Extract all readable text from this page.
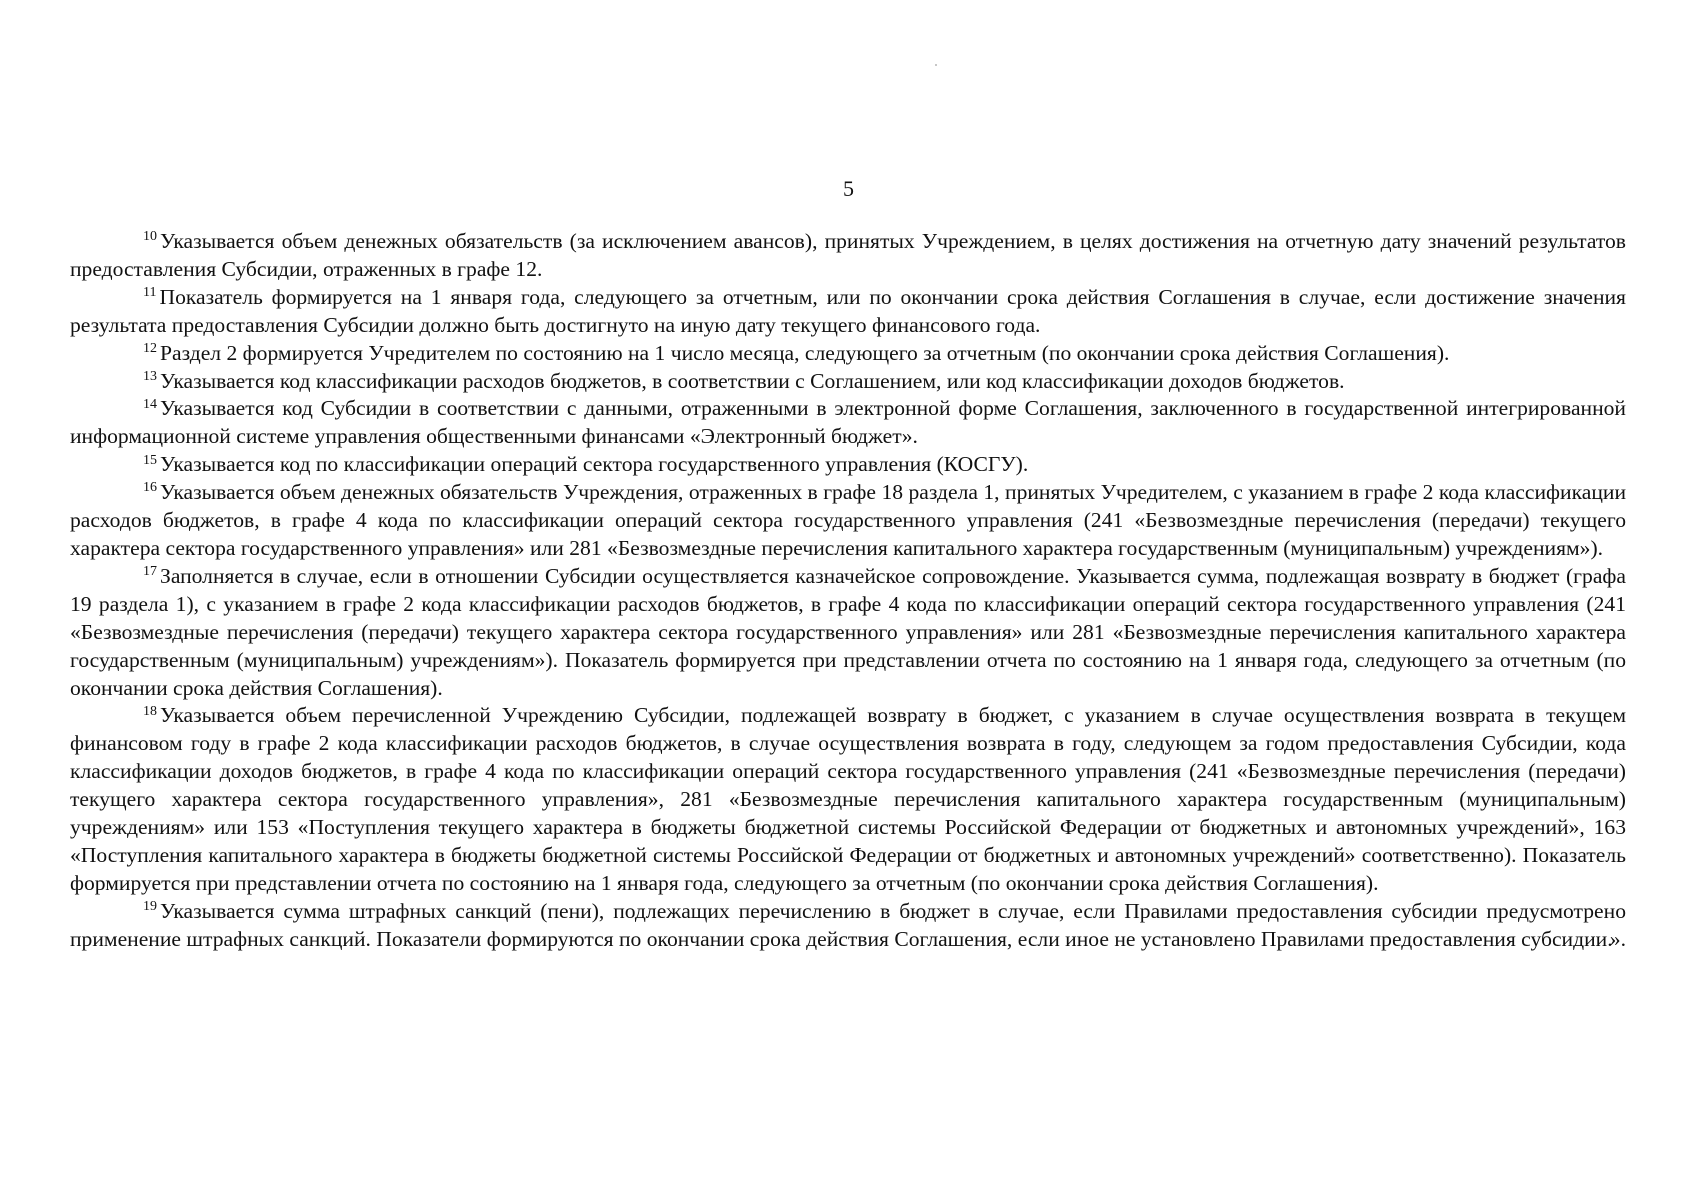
5

$^{10}$ Указывается объем денежных обязательств (за исключением авансов), принятых Учреждением, в целях достижения на отчетную дату значений результатов предоставления Субсидии, отраженных в графе 12.

$^{11}$ Показатель формируется на 1 января года, следующего за отчетным, или по окончании срока действия Соглашения в случае, если достижение значения результата предоставления Субсидии должно быть достигнуто на иную дату текущего финансового года.

$^{12}$ Раздел 2 формируется Учредителем по состоянию на 1 число месяца, следующего за отчетным (по окончании срока действия Соглашения).

$^{13}$ Указывается код классификации расходов бюджетов, в соответствии с Соглашением, или код классификации доходов бюджетов.

$^{14}$ Указывается код Субсидии в соответствии с данными, отраженными в электронной форме Соглашения, заключенного в государственной интегрированной информационной системе управления общественными финансами «Электронный бюджет».

$^{15}$ Указывается код по классификации операций сектора государственного управления (КОСГУ).

$^{16}$ Указывается объем денежных обязательств Учреждения, отраженных в графе 18 раздела 1, принятых Учредителем, с указанием в графе 2 кода классификации расходов бюджетов, в графе 4 кода по классификации операций сектора государственного управления (241 «Безвозмездные перечисления (передачи) текущего характера сектора государственного управления» или 281 «Безвозмездные перечисления капитального характера государственным (муниципальным) учреждениям»).

$^{17}$ Заполняется в случае, если в отношении Субсидии осуществляется казначейское сопровождение. Указывается сумма, подлежащая возврату в бюджет (графа 19 раздела 1), с указанием в графе 2 кода классификации расходов бюджетов, в графе 4 кода по классификации операций сектора государственного управления (241 «Безвозмездные перечисления (передачи) текущего характера сектора государственного управления» или 281 «Безвозмездные перечисления капитального характера государственным (муниципальным) учреждениям»). Показатель формируется при представлении отчета по состоянию на 1 января года, следующего за отчетным (по окончании срока действия Соглашения).

$^{18}$ Указывается объем перечисленной Учреждению Субсидии, подлежащей возврату в бюджет, с указанием в случае осуществления возврата в текущем финансовом году в графе 2 кода классификации расходов бюджетов, в случае осуществления возврата в году, следующем за годом предоставления Субсидии, кода классификации доходов бюджетов, в графе 4 кода по классификации операций сектора государственного управления (241 «Безвозмездные перечисления (передачи) текущего характера сектора государственного управления», 281 «Безвозмездные перечисления капитального характера государственным (муниципальным) учреждениям» или 153 «Поступления текущего характера в бюджеты бюджетной системы Российской Федерации от бюджетных и автономных учреждений», 163 «Поступления капитального характера в бюджеты бюджетной системы Российской Федерации от бюджетных и автономных учреждений» соответственно). Показатель формируется при представлении отчета по состоянию на 1 января года, следующего за отчетным (по окончании срока действия Соглашения).

$^{19}$ Указывается сумма штрафных санкций (пени), подлежащих перечислению в бюджет в случае, если Правилами предоставления субсидии предусмотрено применение штрафных санкций. Показатели формируются по окончании срока действия Соглашения, если иное не установлено Правилами предоставления субсидии.

».
